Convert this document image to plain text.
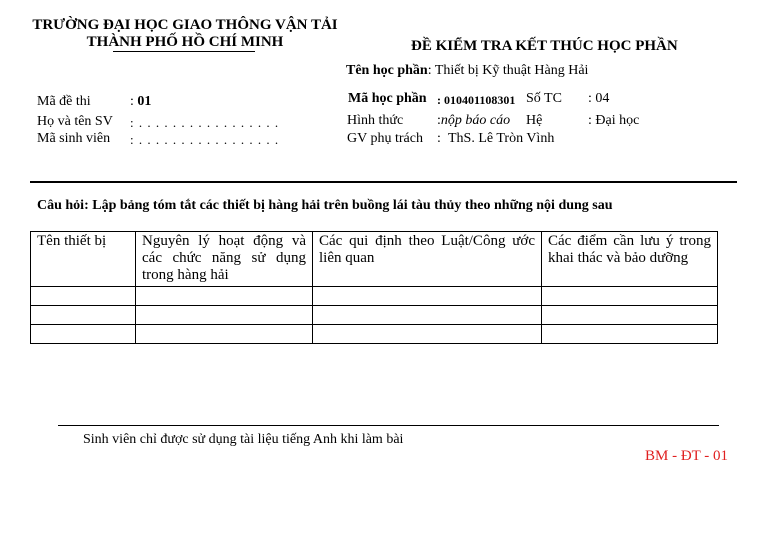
TRƯỜNG ĐẠI HỌC GIAO THÔNG VẬN TẢI
THÀNH PHỐ HỒ CHÍ MINH	ĐỀ KIỂM TRA KẾT THÚC HỌC PHẦN
Tên học phần: Thiết bị Kỹ thuật Hàng Hải
Mã đề thi	: 01
Họ và tên SV : . . . . . . . . . . . . . . . . .
Mã sinh viên : . . . . . . . . . . . . . . . . .
Mã học phần : 010401108301 Số TC : 04
Hình thức :nộp báo cáo Hệ	: Đại học
GV phụ trách : ThS. Lê Tròn Vình
Câu hỏi: Lập bảng tóm tắt các thiết bị hàng hải trên buồng lái tàu thủy theo những nội dung sau
Tên thiết bị	Nguyên lý hoạt động và các chức năng sử dụng trong hàng hải	Các qui định theo Luật/Công ước liên quan	Các điểm cần lưu ý trong khai thác và bảo dưỡng

Sinh viên chỉ được sử dụng tài liệu tiếng Anh khi làm bài
BM - ĐT - 01
